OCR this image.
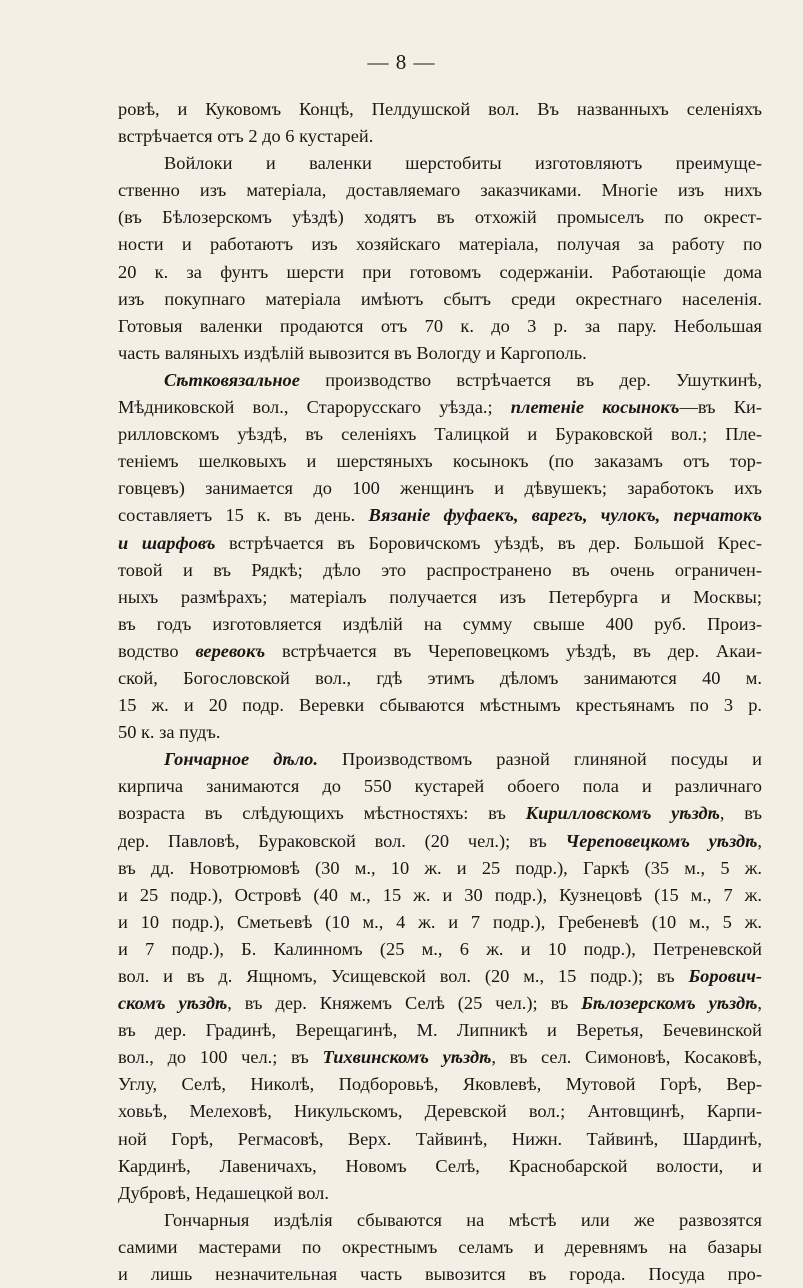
— 8 —
ровѣ, и Куковомъ Концѣ, Пелдушской вол. Въ названныхъ селеніяхъ
встрѣчается отъ 2 до 6 кустарей.
Войлоки и валенки шерстобиты изготовляютъ преимуще-
ственно изъ матеріала, доставляемаго заказчиками. Многіе изъ нихъ
(въ Бѣлозерскомъ уѣздѣ) ходятъ въ отхожій промыселъ по окрест-
ности и работаютъ изъ хозяйскаго матеріала, получая за работу по
20 к. за фунтъ шерсти при готовомъ содержаніи. Работающіе дома
изъ покупнаго матеріала имѣютъ сбытъ среди окрестнаго населенія.
Готовыя валенки продаются отъ 70 к. до 3 р. за пару. Небольшая
часть валяныхъ издѣлій вывозится въ Вологду и Каргополь.
Сѣтковязальное производство встрѣчается въ дер. Ушуткинѣ,
Мѣдниковской вол., Старорусскаго уѣзда.; плетеніе косынокъ—въ Ки-
рилловскомъ уѣздѣ, въ селеніяхъ Талицкой и Бураковской вол.; Пле-
теніемъ шелковыхъ и шерстяныхъ косынокъ (по заказамъ отъ тор-
говцевъ) занимается до 100 женщинъ и дѣвушекъ; заработокъ ихъ
составляетъ 15 к. въ день. Вязаніе фуфаекъ, варегъ, чулокъ, перчатокъ
и шарфовъ встрѣчается въ Боровичскомъ уѣздѣ, въ дер. Большой Крес-
товой и въ Рядкѣ; дѣло это распространено въ очень ограничен-
ныхъ размѣрахъ; матеріалъ получается изъ Петербурга и Москвы;
въ годъ изготовляется издѣлій на сумму свыше 400 руб. Произ-
водство веревокъ встрѣчается въ Череповецкомъ уѣздѣ, въ дер. Акаи-
ской, Богословской вол., гдѣ этимъ дѣломъ занимаются 40 м.
15 ж. и 20 подр. Веревки сбываются мѣстнымъ крестьянамъ по 3 р.
50 к. за пудъ.
Гончарное дѣло. Производствомъ разной глиняной посуды и
кирпича занимаются до 550 кустарей обоего пола и различнаго
возраста въ слѣдующихъ мѣстностяхъ: въ Кирилловскомъ уѣздѣ, въ
дер. Павловѣ, Бураковской вол. (20 чел.); въ Череповецкомъ уѣздѣ,
въ дд. Новотрюмовѣ (30 м., 10 ж. и 25 подр.), Гаркѣ (35 м., 5 ж.
и 25 подр.), Островѣ (40 м., 15 ж. и 30 подр.), Кузнецовѣ (15 м., 7 ж.
и 10 подр.), Сметьевѣ (10 м., 4 ж. и 7 подр.), Гребеневѣ (10 м., 5 ж.
и 7 подр.), Б. Калинномъ (25 м., 6 ж. и 10 подр.), Петреневской
вол. и въ д. Ящномъ, Усищевской вол. (20 м., 15 подр.); въ Борович-
скомъ уѣздѣ, въ дер. Княжемъ Селѣ (25 чел.); въ Бѣлозерскомъ уѣздѣ,
въ дер. Градинѣ, Верещагинѣ, М. Липникѣ и Веретья, Бечевинской
вол., до 100 чел.; въ Тихвинскомъ уѣздѣ, въ сел. Симоновѣ, Косаковѣ,
Углу, Селѣ, Николѣ, Подборовьѣ, Яковлевѣ, Мутовой Горѣ, Вер-
ховьѣ, Мелеховѣ, Никульскомъ, Деревской вол.; Антовщинѣ, Карпи-
ной Горѣ, Регмасовѣ, Верх. Тайвинѣ, Нижн. Тайвинѣ, Шардинѣ,
Кардинѣ, Лавеничахъ, Новомъ Селѣ, Краснобарской волости, и
Дубровѣ, Недашецкой вол.
Гончарныя издѣлія сбываются на мѣстѣ или же развозятся
самими мастерами по окрестнымъ селамъ и деревнямъ на базары
и лишь незначительная часть вывозится въ города. Посуда про-
